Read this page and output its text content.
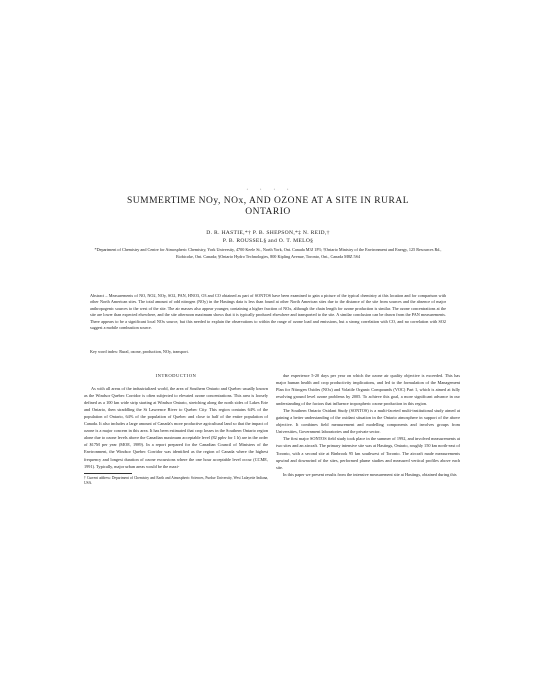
· · · ·
SUMMERTIME NOy, NOx, AND OZONE AT A SITE IN RURAL
ONTARIO
D. R. HASTIE,*† P. B. SHEPSON,*‡ N. REID,†
P. B. ROUSSEL§ and O. T. MELO§
*Department of Chemistry and Centre for Atmospheric Chemistry, York University, 4700 Keele St., North York, Ont. Canada M3J 1P3; †Ontario Ministry of the Environment and Energy, 125 Resources Rd., Etobicoke, Ont. Canada; §Ontario Hydro Technologies, 800 Kipling Avenue, Toronto, Ont., Canada M8Z 5S4
Abstract – Measurements of NO, NO2, NOy, SO2, PAN, HNO3, O3 and CO obtained as part of SONTOS have been examined to gain a picture of the typical chemistry at this location and for comparison with other North American sites. The total amount of odd nitrogen (NOy) in the Hastings data is less than found at other North American sites due to the distance of the site from sources and the absence of major anthropogenic sources to the west of the site. The air masses also appear younger, containing a higher fraction of NOx, although the chain length for ozone production is similar. The ozone concentrations at the site are lower than expected elsewhere, and the site afternoon maximum shows that it is typically produced elsewhere and transported to the site. A similar conclusion can be drawn from the PAN measurements. There appears to be a significant local NOx source, but this needed to explain the observations to within the range of ozone load and emissions, but a strong correlation with CO, and no correlation with SO2 suggest a mobile combustion source.
Key word index: Rural, ozone, production, NOy, transport.

INTRODUCTION

As with all areas of the industrialized world, the area of Southern Ontario and Quebec usually known as the Windsor Quebec Corridor is often subjected to elevated ozone concentrations. This area is loosely defined as a 100 km wide strip starting at Windsor Ontario, stretching along the north sides of Lakes Erie and Ontario, then straddling the St Lawrence River to Quebec City. This region contains 64% of the population of Ontario, 64% of the population of Quebec and close to half of the entire population of Canada. It also includes a large amount of Canada's more productive agricultural land so that the impact of ozone is a major concern in this area. It has been estimated that crop losses in the Southern Ontario region alone due to ozone levels above the Canadian maximum acceptable level (82 ppbv for 1 h) are in the order of $17M per year (MOE, 1989). In a report prepared for the Canadian Council of Ministers of the Environment, the Windsor Quebec Corridor was identified as the region of Canada where the highest frequency and longest duration of ozone excursions where the one hour acceptable level occur (CCME, 1991). Typically, major urban areas would be the maxi-

† Current address: Department of Chemistry and Earth and Atmospheric Sciences, Purdue University, West Lafayette Indiana, USA.

due experience 5-20 days per year on which the ozone air quality objective is exceeded. This has major human health and crop productivity implications, and led to the formulation of the Management Plan for Nitrogen Oxides (NOx) and Volatile Organic Compounds (VOC) Part 1, which is aimed at fully resolving ground level ozone problems by 2005. To achieve this goal, a more significant advance in our understanding of the factors that influence tropospheric ozone production in this region.

The Southern Ontario Oxidant Study (SONTOS) is a multi-faceted multi-institutional study aimed at gaining a better understanding of the oxidant situation in the Ontario atmosphere in support of the above objective. It combines field measurement and modelling components and involves groups from Universities, Government laboratories and the private sector.

The first major SONTOS field study took place in the summer of 1992, and involved measurements at two sites and an aircraft. The primary intensive site was at Hastings, Ontario, roughly 150 km north-east of Toronto, with a second site at Binbrook 95 km southwest of Toronto. The aircraft made measurements upwind and downwind of the sites, performed plume studies and measured vertical profiles above each site.

In this paper we present results from the intensive measurement site at Hastings, obtained during this
